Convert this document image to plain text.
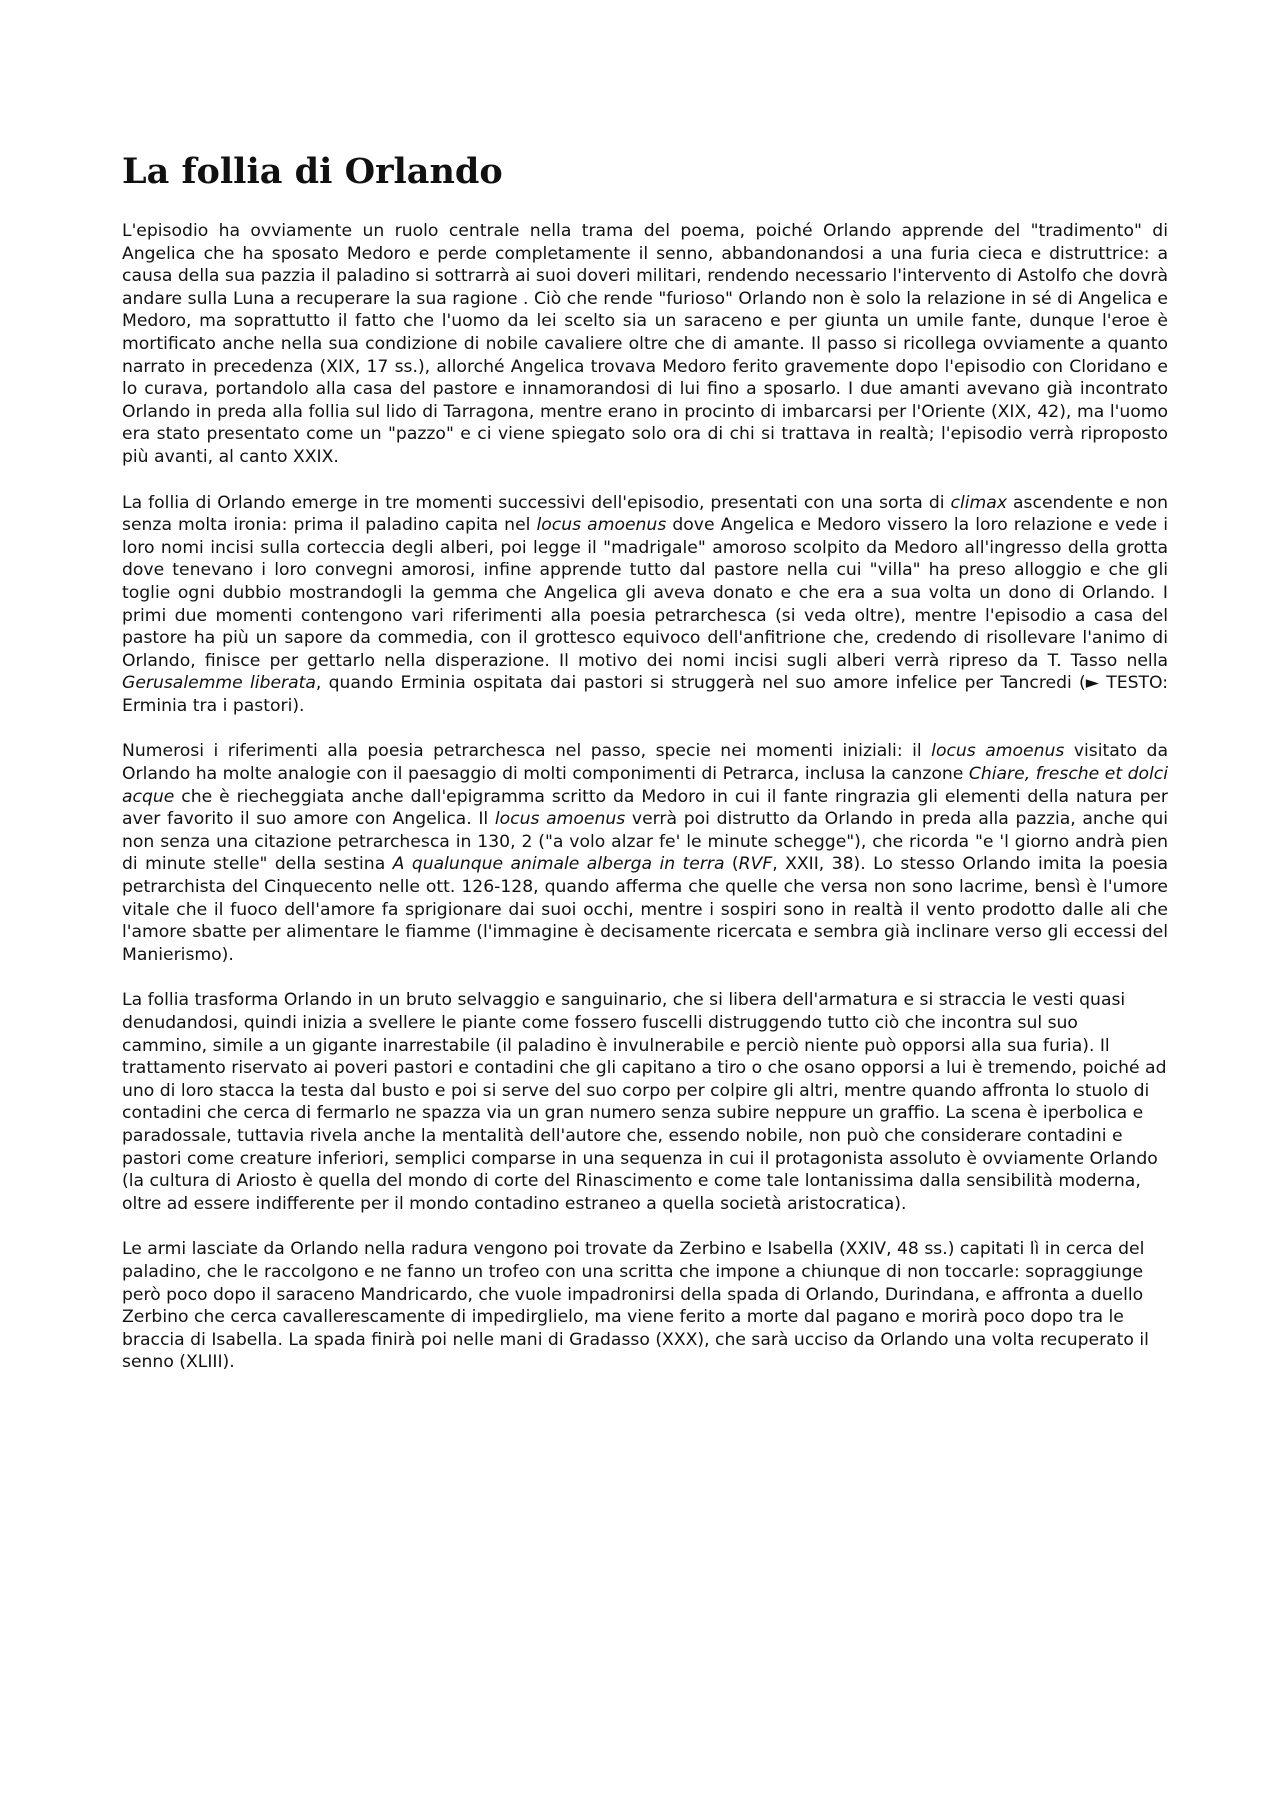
La follia di Orlando

L'episodio ha ovviamente un ruolo centrale nella trama del poema, poiché Orlando apprende del "tradimento" di Angelica che ha sposato Medoro e perde completamente il senno, abbandonandosi a una furia cieca e distruttrice: a causa della sua pazzia il paladino si sottrarrà ai suoi doveri militari, rendendo necessario l'intervento di Astolfo che dovrà andare sulla Luna a recuperare la sua ragione . Ciò che rende "furioso" Orlando non è solo la relazione in sé di Angelica e Medoro, ma soprattutto il fatto che l'uomo da lei scelto sia un saraceno e per giunta un umile fante, dunque l'eroe è mortificato anche nella sua condizione di nobile cavaliere oltre che di amante. Il passo si ricollega ovviamente a quanto narrato in precedenza (XIX, 17 ss.), allorché Angelica trovava Medoro ferito gravemente dopo l'episodio con Cloridano e lo curava, portandolo alla casa del pastore e innamorandosi di lui fino a sposarlo. I due amanti avevano già incontrato Orlando in preda alla follia sul lido di Tarragona, mentre erano in procinto di imbarcarsi per l'Oriente (XIX, 42), ma l'uomo era stato presentato come un "pazzo" e ci viene spiegato solo ora di chi si trattava in realtà; l'episodio verrà riproposto più avanti, al canto XXIX.

La follia di Orlando emerge in tre momenti successivi dell'episodio, presentati con una sorta di climax ascendente e non senza molta ironia: prima il paladino capita nel locus amoenus dove Angelica e Medoro vissero la loro relazione e vede i loro nomi incisi sulla corteccia degli alberi, poi legge il "madrigale" amoroso scolpito da Medoro all'ingresso della grotta dove tenevano i loro convegni amorosi, infine apprende tutto dal pastore nella cui "villa" ha preso alloggio e che gli toglie ogni dubbio mostrandogli la gemma che Angelica gli aveva donato e che era a sua volta un dono di Orlando. I primi due momenti contengono vari riferimenti alla poesia petrarchesca (si veda oltre), mentre l'episodio a casa del pastore ha più un sapore da commedia, con il grottesco equivoco dell'anfitrione che, credendo di risollevare l'animo di Orlando, finisce per gettarlo nella disperazione. Il motivo dei nomi incisi sugli alberi verrà ripreso da T. Tasso nella Gerusalemme liberata, quando Erminia ospitata dai pastori si struggerà nel suo amore infelice per Tancredi (► TESTO: Erminia tra i pastori).

Numerosi i riferimenti alla poesia petrarchesca nel passo, specie nei momenti iniziali: il locus amoenus visitato da Orlando ha molte analogie con il paesaggio di molti componimenti di Petrarca, inclusa la canzone Chiare, fresche et dolci acque che è riecheggiata anche dall'epigramma scritto da Medoro in cui il fante ringrazia gli elementi della natura per aver favorito il suo amore con Angelica. Il locus amoenus verrà poi distrutto da Orlando in preda alla pazzia, anche qui non senza una citazione petrarchesca in 130, 2 ("a volo alzar fe' le minute schegge"), che ricorda "e 'l giorno andrà pien di minute stelle" della sestina A qualunque animale alberga in terra (RVF, XXII, 38). Lo stesso Orlando imita la poesia petrarchista del Cinquecento nelle ott. 126-128, quando afferma che quelle che versa non sono lacrime, bensì è l'umore vitale che il fuoco dell'amore fa sprigionare dai suoi occhi, mentre i sospiri sono in realtà il vento prodotto dalle ali che l'amore sbatte per alimentare le fiamme (l'immagine è decisamente ricercata e sembra già inclinare verso gli eccessi del Manierismo).

La follia trasforma Orlando in un bruto selvaggio e sanguinario, che si libera dell'armatura e si straccia le vesti quasi denudandosi, quindi inizia a svellere le piante come fossero fuscelli distruggendo tutto ciò che incontra sul suo cammino, simile a un gigante inarrestabile (il paladino è invulnerabile e perciò niente può opporsi alla sua furia). Il trattamento riservato ai poveri pastori e contadini che gli capitano a tiro o che osano opporsi a lui è tremendo, poiché ad uno di loro stacca la testa dal busto e poi si serve del suo corpo per colpire gli altri, mentre quando affronta lo stuolo di contadini che cerca di fermarlo ne spazza via un gran numero senza subire neppure un graffio. La scena è iperbolica e paradossale, tuttavia rivela anche la mentalità dell'autore che, essendo nobile, non può che considerare contadini e pastori come creature inferiori, semplici comparse in una sequenza in cui il protagonista assoluto è ovviamente Orlando (la cultura di Ariosto è quella del mondo di corte del Rinascimento e come tale lontanissima dalla sensibilità moderna, oltre ad essere indifferente per il mondo contadino estraneo a quella società aristocratica).

Le armi lasciate da Orlando nella radura vengono poi trovate da Zerbino e Isabella (XXIV, 48 ss.) capitati lì in cerca del paladino, che le raccolgono e ne fanno un trofeo con una scritta che impone a chiunque di non toccarle: sopraggiunge però poco dopo il saraceno Mandricardo, che vuole impadronirsi della spada di Orlando, Durindana, e affronta a duello Zerbino che cerca cavallerescamente di impedirglielo, ma viene ferito a morte dal pagano e morirà poco dopo tra le braccia di Isabella. La spada finirà poi nelle mani di Gradasso (XXX), che sarà ucciso da Orlando una volta recuperato il senno (XLIII).
